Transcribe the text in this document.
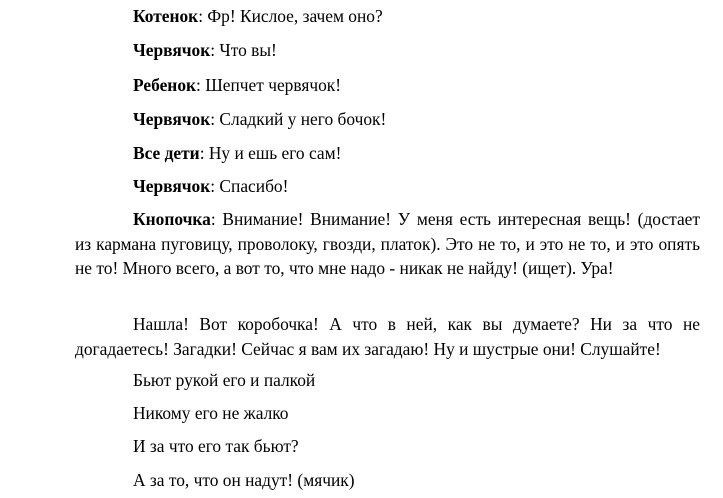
Котенок: Фр! Кислое, зачем оно?

Червячок: Что вы!

Ребенок: Шепчет червячок!

Червячок: Сладкий у него бочок!

Все дети: Ну и ешь его сам!

Червячок: Спасибо!

Кнопочка: Внимание! Внимание! У меня есть интересная вещь! (достает из кармана пуговицу, проволоку, гвозди, платок). Это не то, и это не то, и это опять не то! Много всего, а вот то, что мне надо - никак не найду! (ищет). Ура!

Нашла! Вот коробочка! А что в ней, как вы думаете? Ни за что не догадаетесь! Загадки! Сейчас я вам их загадаю! Ну и шустрые они! Слушайте!

Бьют рукой его и палкой

Никому его не жалко

И за что его так бьют?

А за то, что он надут! (мячик)
